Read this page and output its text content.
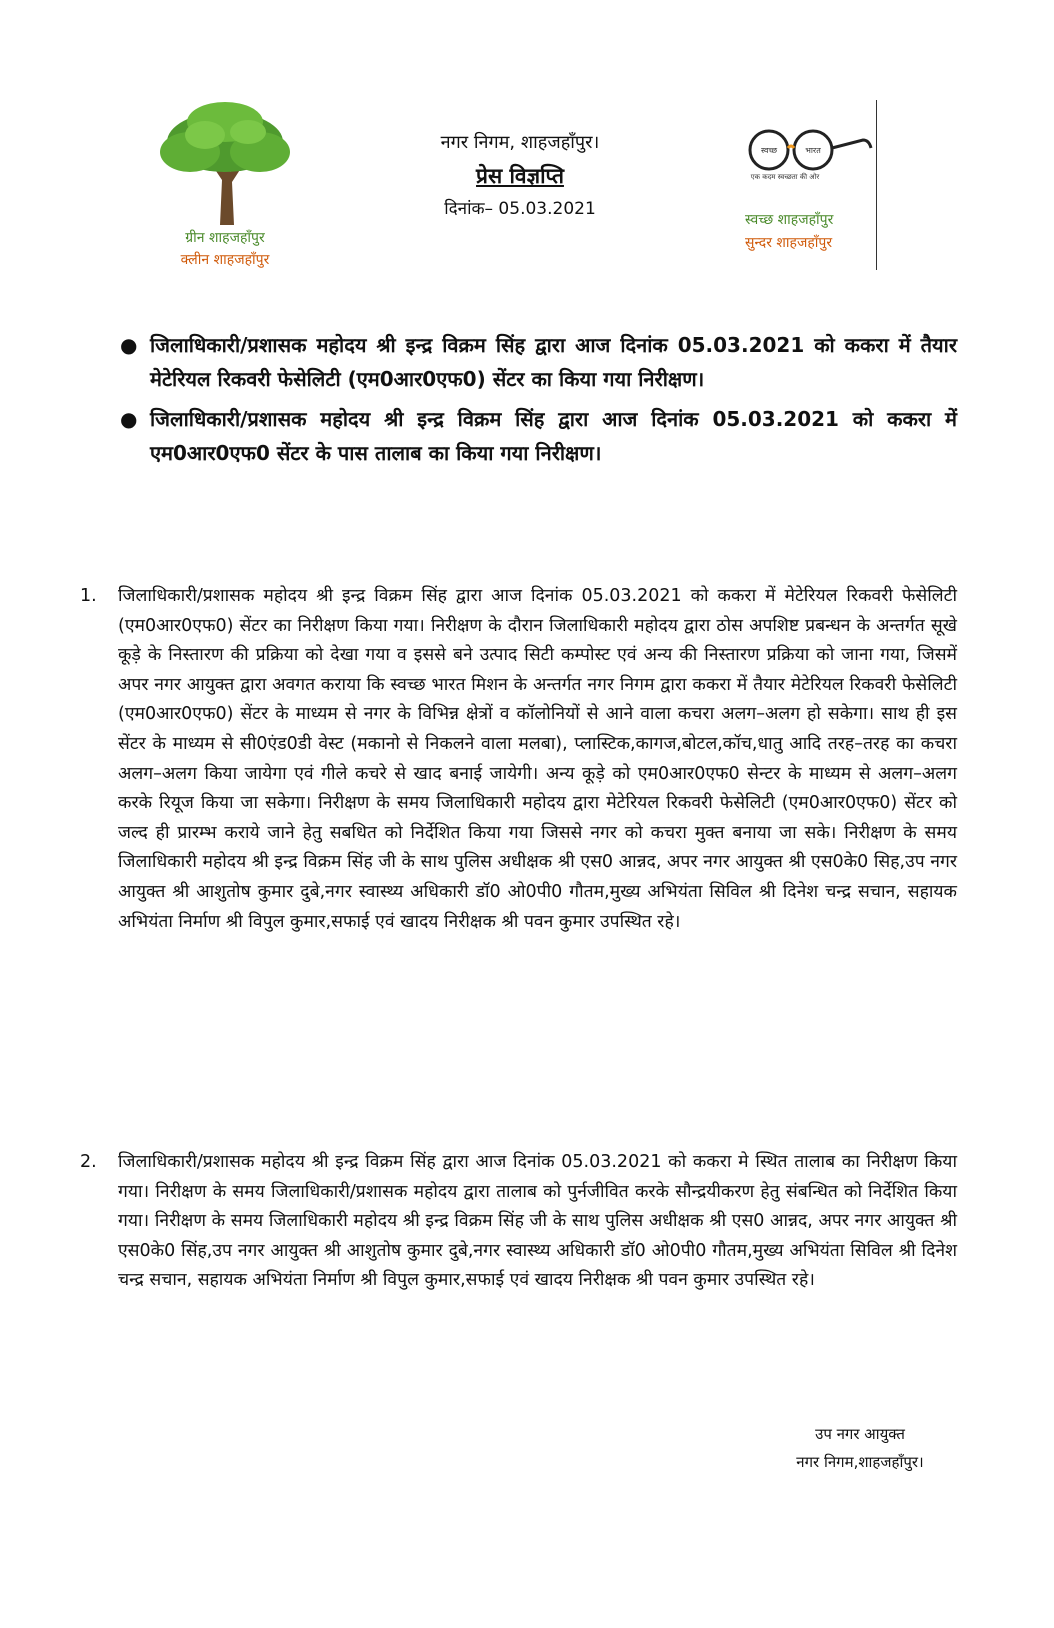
ग्रीन शाहजहाँपुर
क्लीन शाहजहाँपुर
नगर निगम, शाहजहाँपुर।
प्रेस विज्ञप्ति
दिनांक– 05.03.2021
स्वच्छ	भारत
एक कदम स्वच्छता की ओर
स्वच्छ शाहजहाँपुर
सुन्दर शाहजहाँपुर
● जिलाधिकारी/प्रशासक महोदय श्री इन्द्र विक्रम सिंह द्वारा आज दिनांक 05.03.2021 को ककरा में तैयार मेटेरियल रिकवरी फेसेलिटी (एम0आर0एफ0) सेंटर का किया गया निरीक्षण।
● जिलाधिकारी/प्रशासक महोदय श्री इन्द्र विक्रम सिंह द्वारा आज दिनांक 05.03.2021 को ककरा में एम0आर0एफ0 सेंटर के पास तालाब का किया गया निरीक्षण।
1.	जिलाधिकारी/प्रशासक महोदय श्री इन्द्र विक्रम सिंह द्वारा आज दिनांक 05.03.2021 को ककरा में मेटेरियल रिकवरी फेसेलिटी (एम0आर0एफ0) सेंटर का निरीक्षण किया गया। निरीक्षण के दौरान जिलाधिकारी महोदय द्वारा ठोस अपशिष्ट प्रबन्धन के अन्तर्गत सूखे कूड़े के निस्तारण की प्रक्रिया को देखा गया व इससे बने उत्पाद सिटी कम्पोस्ट एवं अन्य की निस्तारण प्रक्रिया को जाना गया, जिसमें अपर नगर आयुक्त द्वारा अवगत कराया कि स्वच्छ भारत मिशन के अन्तर्गत नगर निगम द्वारा ककरा में तैयार मेटेरियल रिकवरी फेसेलिटी (एम0आर0एफ0) सेंटर के माध्यम से नगर के विभिन्न क्षेत्रों व कॉलोनियों से आने वाला कचरा अलग–अलग हो सकेगा। साथ ही इस सेंटर के माध्यम से सी0एंड0डी वेस्ट (मकानो से निकलने वाला मलबा), प्लास्टिक,कागज,बोटल,कॉच,धातु आदि तरह–तरह का कचरा अलग–अलग किया जायेगा एवं गीले कचरे से खाद बनाई जायेगी। अन्य कूड़े को एम0आर0एफ0 सेन्टर के माध्यम से अलग–अलग करके रियूज किया जा सकेगा। निरीक्षण के समय जिलाधिकारी महोदय द्वारा मेटेरियल रिकवरी फेसेलिटी (एम0आर0एफ0) सेंटर को जल्द ही प्रारम्भ कराये जाने हेतु सबधित को निर्देशित किया गया जिससे नगर को कचरा मुक्त बनाया जा सके। निरीक्षण के समय जिलाधिकारी महोदय श्री इन्द्र विक्रम सिंह जी के साथ पुलिस अधीक्षक श्री एस0 आन्नद, अपर नगर आयुक्त श्री एस0के0 सिह,उप नगर आयुक्त श्री आशुतोष कुमार दुबे,नगर स्वास्थ्य अधिकारी डॉ0 ओ0पी0 गौतम,मुख्य अभियंता सिविल श्री दिनेश चन्द्र सचान, सहायक अभियंता निर्माण श्री विपुल कुमार,सफाई एवं खादय निरीक्षक श्री पवन कुमार उपस्थित रहे।
2.	जिलाधिकारी/प्रशासक महोदय श्री इन्द्र विक्रम सिंह द्वारा आज दिनांक 05.03.2021 को ककरा मे स्थित तालाब का निरीक्षण किया गया। निरीक्षण के समय जिलाधिकारी/प्रशासक महोदय द्वारा तालाब को पुर्नजीवित करके सौन्द्रयीकरण हेतु संबन्धित को निर्देशित किया गया। निरीक्षण के समय जिलाधिकारी महोदय श्री इन्द्र विक्रम सिंह जी के साथ पुलिस अधीक्षक श्री एस0 आन्नद, अपर नगर आयुक्त श्री एस0के0 सिंह,उप नगर आयुक्त श्री आशुतोष कुमार दुबे,नगर स्वास्थ्य अधिकारी डॉ0 ओ0पी0 गौतम,मुख्य अभियंता सिविल श्री दिनेश चन्द्र सचान, सहायक अभियंता निर्माण श्री विपुल कुमार,सफाई एवं खादय निरीक्षक श्री पवन कुमार उपस्थित रहे।
उप नगर आयुक्त
नगर निगम,शाहजहाँपुर।
